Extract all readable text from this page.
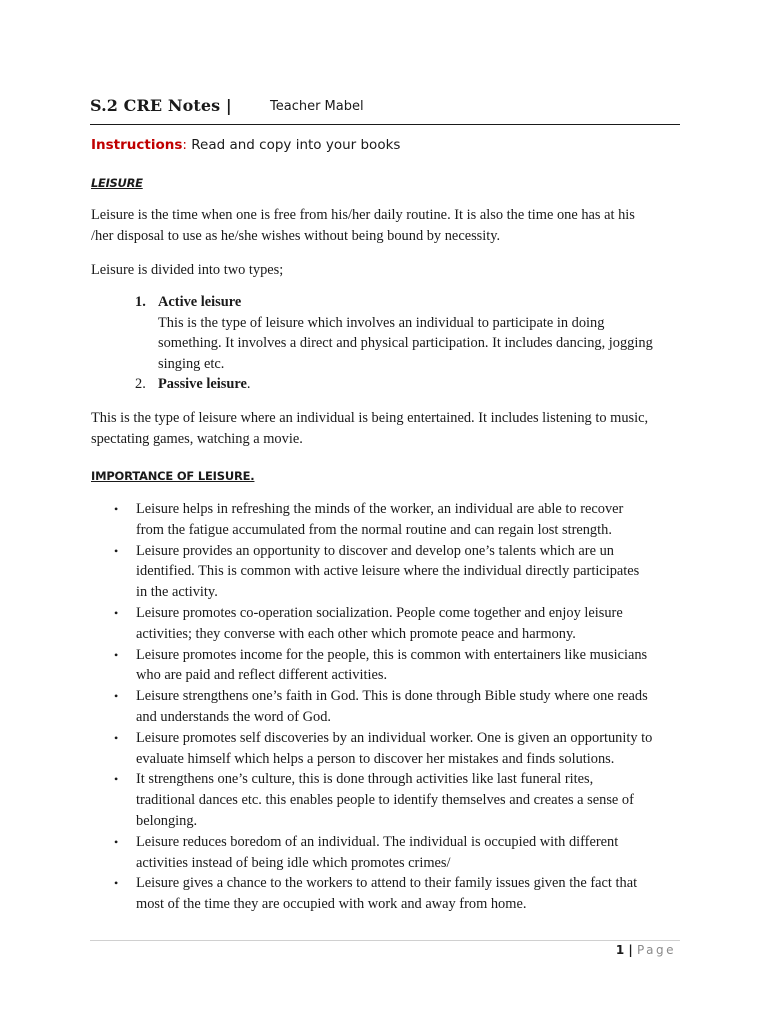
S.2 CRE Notes |	Teacher Mabel
Instructions: Read and copy into your books
LEISURE
Leisure is the time when one is free from his/her daily routine. It is also the time one has at his
/her disposal to use as he/she wishes without being bound by necessity.
Leisure is divided into two types;
1. Active leisure
This is the type of leisure which involves an individual to participate in doing
something. It involves a direct and physical participation. It includes dancing, jogging
singing etc.
2. Passive leisure.
This is the type of leisure where an individual is being entertained. It includes listening to music,
spectating games, watching a movie.
IMPORTANCE OF LEISURE.
• Leisure helps in refreshing the minds of the worker, an individual are able to recover
from the fatigue accumulated from the normal routine and can regain lost strength.
• Leisure provides an opportunity to discover and develop one’s talents which are un
identified. This is common with active leisure where the individual directly participates
in the activity.
• Leisure promotes co-operation socialization. People come together and enjoy leisure
activities; they converse with each other which promote peace and harmony.
• Leisure promotes income for the people, this is common with entertainers like musicians
who are paid and reflect different activities.
• Leisure strengthens one’s faith in God. This is done through Bible study where one reads
and understands the word of God.
• Leisure promotes self discoveries by an individual worker. One is given an opportunity to
evaluate himself which helps a person to discover her mistakes and finds solutions.
• It strengthens one’s culture, this is done through activities like last funeral rites,
traditional dances etc. this enables people to identify themselves and creates a sense of
belonging.
• Leisure reduces boredom of an individual. The individual is occupied with different
activities instead of being idle which promotes crimes/
• Leisure gives a chance to the workers to attend to their family issues given the fact that
most of the time they are occupied with work and away from home.
1 | Page
